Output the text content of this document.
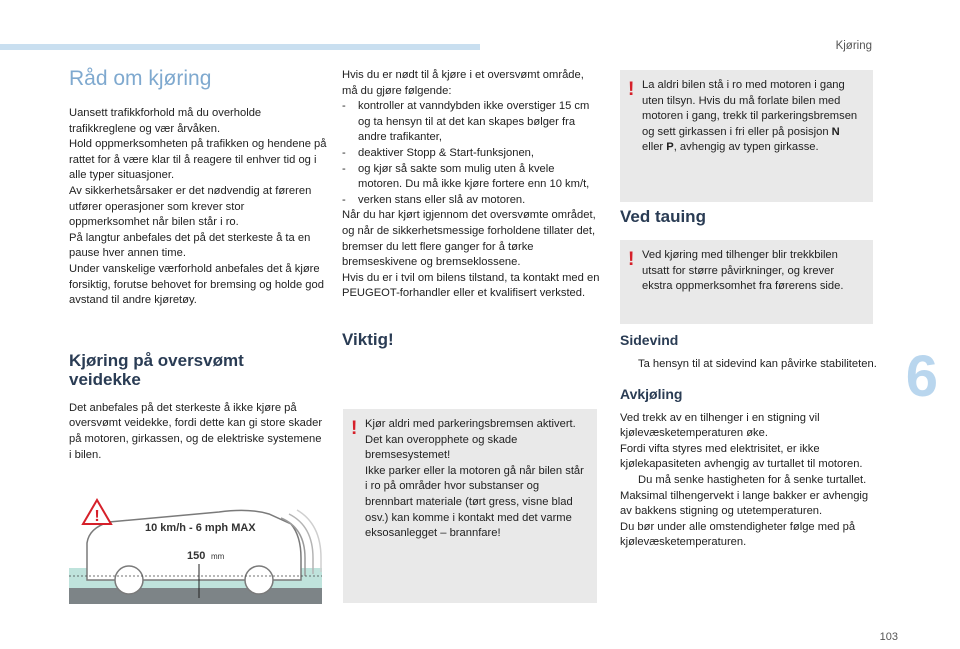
Kjøring
6
103
Råd om kjøring

Uansett trafikkforhold må du overholde trafikkreglene og vær årvåken.

Hold oppmerksomheten på trafikken og hendene på rattet for å være klar til å reagere til enhver tid og i alle typer situasjoner.

Av sikkerhetsårsaker er det nødvendig at føreren utfører operasjoner som krever stor oppmerksomhet når bilen står i ro.

På langtur anbefales det på det sterkeste å ta en pause hver annen time.

Under vanskelige værforhold anbefales det å kjøre forsiktig, forutse behovet for bremsing og holde god avstand til andre kjøretøy.

Kjøring på oversvømt
veidekke

Det anbefales på det sterkeste å ikke kjøre på oversvømt veidekke, fordi dette kan gi store skader på motoren, girkassen, og de elektriske systemene i bilen.

!
10 km/h - 6 mph MAX
150 mm

Hvis du er nødt til å kjøre i et oversvømt område, må du gjøre følgende:

- kontroller at vanndybden ikke overstiger 15 cm og ta hensyn til at det kan skapes bølger fra andre trafikanter,
- deaktiver Stopp & Start-funksjonen,
- og kjør så sakte som mulig uten å kvele motoren. Du må ikke kjøre fortere enn 10 km/t,
- verken stans eller slå av motoren.

Når du har kjørt igjennom det oversvømte området, og når de sikkerhetsmessige forholdene tillater det, bremser du lett flere ganger for å tørke bremseskivene og bremseklossene.

Hvis du er i tvil om bilens tilstand, ta kontakt med en PEUGEOT-forhandler eller et kvalifisert verksted.

Viktig!
! Kjør aldri med parkeringsbremsen aktivert. Det kan overopphete og skade bremsesystemet!

Ikke parker eller la motoren gå når bilen står i ro på områder hvor substanser og brennbart materiale (tørt gress, visne blad osv.) kan komme i kontakt med det varme eksosanlegget – brannfare!

! La aldri bilen stå i ro med motoren i gang uten tilsyn. Hvis du må forlate bilen med motoren i gang, trekk til parkeringsbremsen og sett girkassen i fri eller på posisjon N eller P, avhengig av typen girkasse.

Ved tauing
! Ved kjøring med tilhenger blir trekkbilen utsatt for større påvirkninger, og krever ekstra oppmerksomhet fra førerens side.

Sidevind
Ta hensyn til at sidevind kan påvirke stabiliteten.
Avkjøling

Ved trekk av en tilhenger i en stigning vil kjølevæsketemperaturen øke.

Fordi vifta styres med elektrisitet, er ikke kjølekapasiteten avhengig av turtallet til motoren.

Du må senke hastigheten for å senke turtallet.

Maksimal tilhengervekt i lange bakker er avhengig av bakkens stigning og utetemperaturen.

Du bør under alle omstendigheter følge med på kjølevæsketemperaturen.
